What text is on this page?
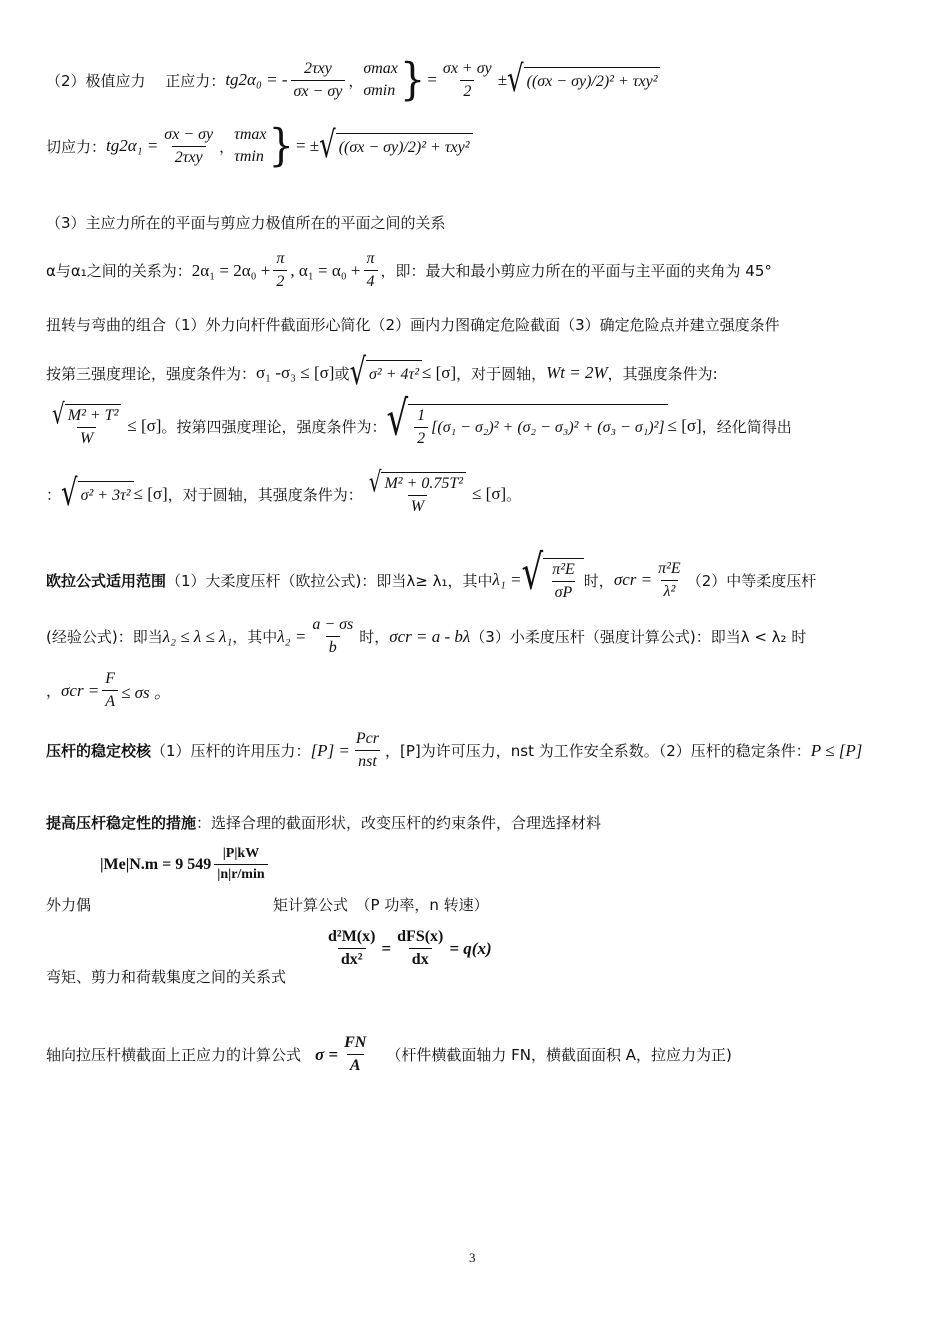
（2）极值应力　 正应力： tg2α₀ = -
2τxy
σx − σy
，
σmax
σmin } = $\frac{\sigma x + \sigma y}{2}$ ± √ ((σx − σy)/2)² + τxy²
切应力： tg2α₁ =
σx − σy
2τxy
，
τmax
τmin } = ± √ ((σx − σy)/2)² + τxy²
（3）主应力所在的平面与剪应力极值所在的平面之间的关系
α与α₁之间的关系为： $2\alpha_1 = 2\alpha_0 + \frac{\pi}{2}$ , $\alpha_1 = \alpha_0 + \frac{\pi}{4}$ ，即：最大和最小剪应力所在的平面与主平面的夹角为 45°
扭转与弯曲的组合（1）外力向杆件截面形心简化（2）画内力图确定危险截面（3）确定危险点并建立强度条件
按第三强度理论，强度条件为： σ₁ -σ₃ ≤ [σ] 或 √ σ² + 4τ² ≤ [σ] ，对于圆轴， Wt = 2W ，其强度条件为:
$\frac{\text{√ M² + T²}}{W} \le [\sigma]$ 。按第四强度理论，强度条件为： √ 1
2
[(σ₁ − σ₂)² + (σ₂ − σ₃)² + (σ₃ − σ₁)²] ≤ [σ] ，经化简得出
： √ σ² + 3τ² ≤ [σ] ，对于圆轴，其强度条件为： $\frac{\text{√ M² + 0.75T²}}{W} \le [\sigma]$ 。
欧拉公式适用范围 （1）大柔度压杆（欧拉公式)：即当λ≥ λ₁，其中 λ₁ = √ $\frac{\text{π²E}}{\sigma P}$ 时， $\sigma cr = \frac{\text{π²E}}{\text{λ²}} (2)$中等柔度压杆
(经验公式)：即当 λ₂ ≤ λ ≤ λ₁ ，其中 $\lambda_2 = \frac{a - \sigma s}{b}$ 时， σcr = a - bλ （3）小柔度压杆（强度计算公式)：即当λ < λ₂ 时
， $\sigma cr = \frac{F}{A} \le \sigma s$ 。
压杆的稳定校核 （1）压杆的许用压力： [P] =
Pcr
nst
，[P]为许可压力，nst 为工作安全系数。（2）压杆的稳定条件： P ≤ [P]
提高压杆稳定性的措施 ：选择合理的截面形状，改变压杆的约束条件，合理选择材料
|Me|N.m = 9 549
|P|kW
|n|r/min
外力偶	矩计算公式　（P 功率，n 转速）
$\frac{\text{d²M(x)}}{\text{dx²}}$ =
dFS(x)
dx
= q(x)
弯矩、剪力和荷载集度之间的关系式
轴向拉压杆横截面上正应力的计算公式 $\sigma = \frac{FN}{A}$ （杆件横截面轴力 FN，横截面面积 A，拉应力为正)
3
